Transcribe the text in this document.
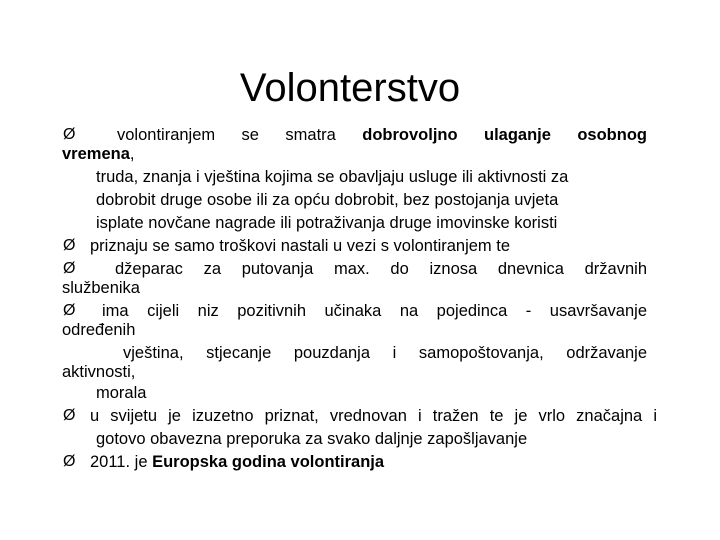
Volonterstvo
Ø	volontiranjem se smatra dobrovoljno ulaganje osobnog
vremena,
truda, znanja i vještina kojima se obavljaju usluge ili aktivnosti za
dobrobit druge osobe ili za opću dobrobit, bez postojanja uvjeta
isplate novčane nagrade ili potraživanja druge imovinske koristi
Ø priznaju se samo troškovi nastali u vezi s volontiranjem te
Ø džeparac za putovanja max. do iznosa dnevnica državnih
službenika
Ø ima cijeli niz pozitivnih učinaka na pojedinca - usavršavanje
određenih
vještina, stjecanje pouzdanja i samopoštovanja, održavanje
aktivnosti,
morala
Ø u svijetu je izuzetno priznat, vrednovan i tražen te je vrlo značajna i
gotovo obavezna preporuka za svako daljnje zapošljavanje
Ø 2011. je Europska godina volontiranja
